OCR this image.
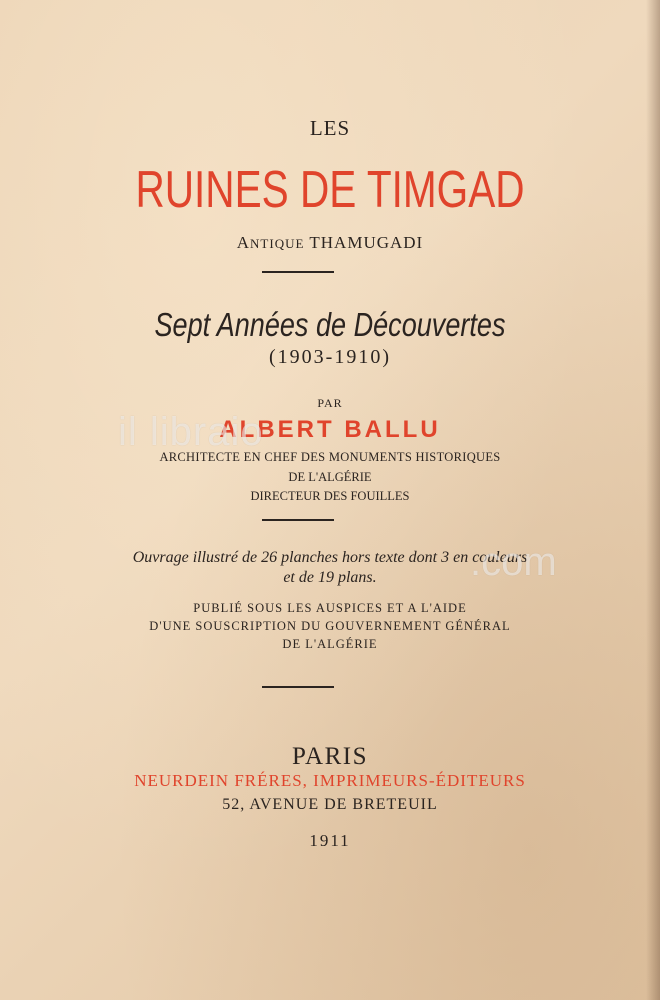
LES
RUINES DE TIMGAD
ANTIQUE THAMUGADI
Sept Années de Découvertes
(1903-1910)
PAR
ALBERT BALLU
ARCHITECTE EN CHEF DES MONUMENTS HISTORIQUES
DE L'ALGÉRIE
DIRECTEUR DES FOUILLES
Ouvrage illustré de 26 planches hors texte dont 3 en couleurs
et de 19 plans.
PUBLIÉ SOUS LES AUSPICES ET A L'AIDE
D'UNE SOUSCRIPTION DU GOUVERNEMENT GÉNÉRAL
DE L'ALGÉRIE
PARIS
NEURDEIN FRÉRES, IMPRIMEURS-ÉDITEURS
52, AVENUE DE BRETEUIL
1911
il libraio
.com
